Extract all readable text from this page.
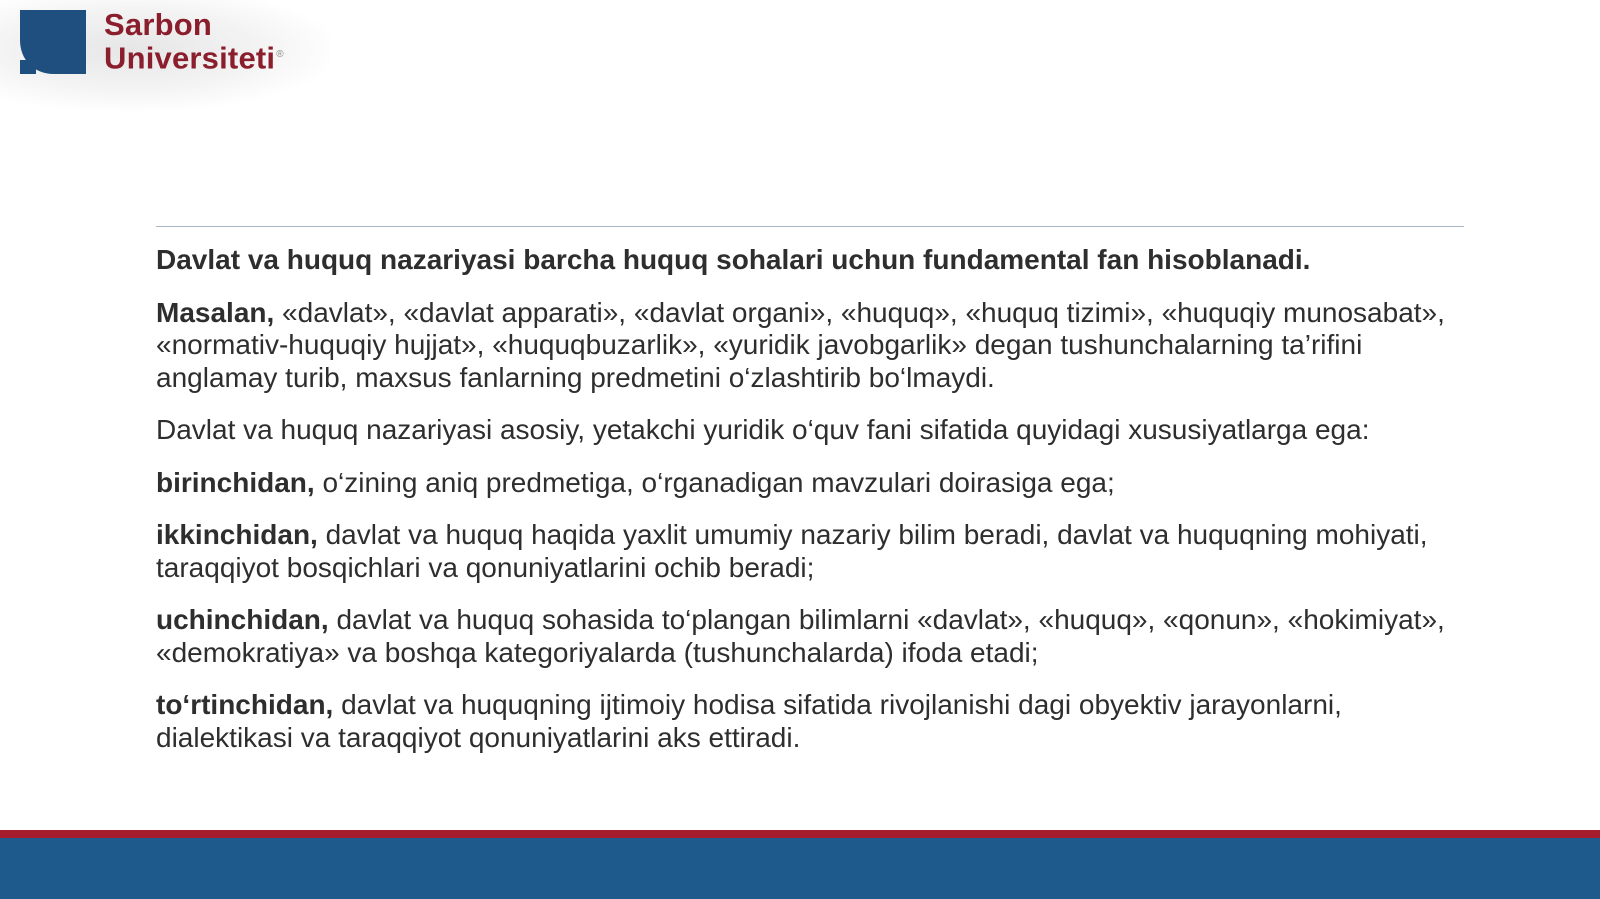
Sarbon
Universiteti®

Davlat va huquq nazariyasi barcha huquq sohalari uchun fundamental fan hisoblanadi.

Masalan, «davlat», «davlat apparati», «davlat organi», «huquq», «huquq tizimi», «huquqiy munosabat», «normativ-huquqiy hujjat», «huquqbuzarlik», «yuridik javobgarlik» degan tushunchalarning ta’rifini anglamay turib, maxsus fanlarning predmetini o‘zlashtirib bo‘lmaydi.

Davlat va huquq nazariyasi asosiy, yetakchi yuridik o‘quv fani sifatida quyidagi xususiyatlarga ega:

birinchidan, o‘zining aniq predmetiga, o‘rganadigan mavzulari doirasiga ega;

ikkinchidan, davlat va huquq haqida yaxlit umumiy nazariy bilim beradi, davlat va huquqning mohiyati, taraqqiyot bosqichlari va qonuniyatlarini ochib beradi;

uchinchidan, davlat va huquq sohasida to‘plangan bilimlarni «davlat», «huquq», «qonun», «hokimiyat», «demokratiya» va boshqa kategoriyalarda (tushunchalarda) ifoda etadi;

to‘rtinchidan, davlat va huquqning ijtimoiy hodisa sifatida rivojlanishi dagi obyektiv jarayonlarni, dialektikasi va taraqqiyot qonuniyatlarini aks ettiradi.
